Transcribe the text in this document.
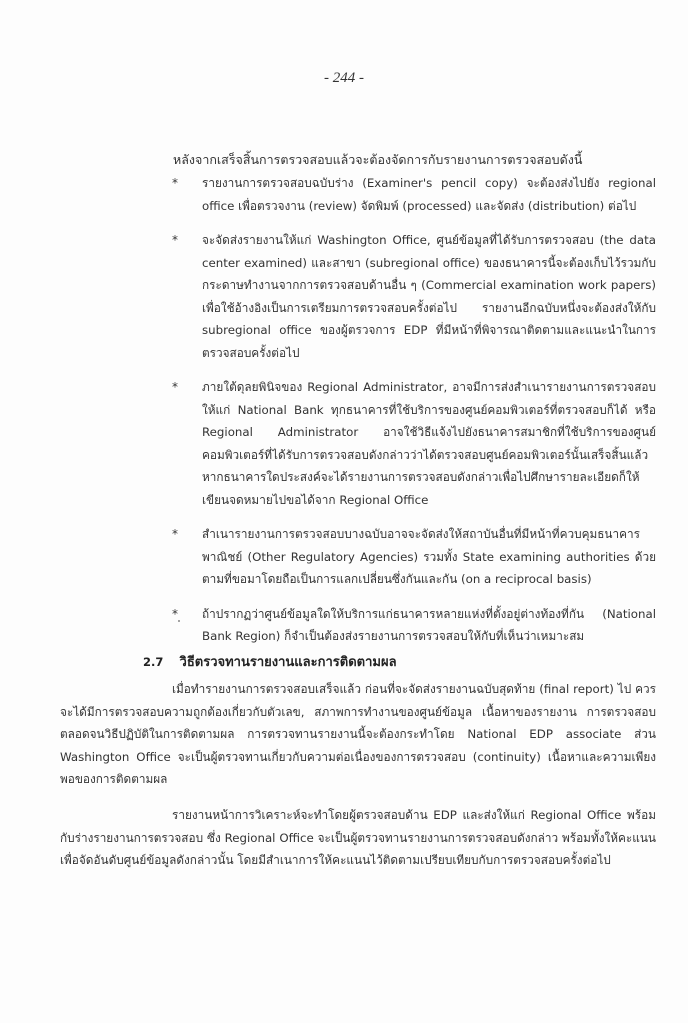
- 244 -
หลังจากเสร็จสิ้นการตรวจสอบแล้วจะต้องจัดการกับรายงานการตรวจสอบดังนี้
*	รายงานการตรวจสอบฉบับร่าง (Examiner's pencil copy) จะต้องส่งไปยัง regional office เพื่อตรวจงาน (review) จัดพิมพ์ (processed) และจัดส่ง (distribution) ต่อไป
*	จะจัดส่งรายงานให้แก่ Washington Office, ศูนย์ข้อมูลที่ได้รับการตรวจสอบ (the data center examined) และสาขา (subregional office) ของธนาคารนี้จะต้องเก็บไว้รวมกับกระดาษทำงานจากการตรวจสอบด้านอื่น ๆ (Commercial examination work papers) เพื่อใช้อ้างอิงเป็นการเตรียมการตรวจสอบครั้งต่อไป รายงานอีกฉบับหนึ่งจะต้องส่งให้กับ subregional office ของผู้ตรวจการ EDP ที่มีหน้าที่พิจารณาติดตามและแนะนำในการตรวจสอบครั้งต่อไป
*	ภายใต้ดุลยพินิจของ Regional Administrator, อาจมีการส่งสำเนารายงานการตรวจสอบให้แก่ National Bank ทุกธนาคารที่ใช้บริการของศูนย์คอมพิวเตอร์ที่ตรวจสอบก็ได้ หรือ Regional Administrator อาจใช้วิธีแจ้งไปยังธนาคารสมาชิกที่ใช้บริการของศูนย์คอมพิวเตอร์ที่ได้รับการตรวจสอบดังกล่าวว่าได้ตรวจสอบศูนย์คอมพิวเตอร์นั้นเสร็จสิ้นแล้ว หากธนาคารใดประสงค์จะได้รายงานการตรวจสอบดังกล่าวเพื่อไปศึกษารายละเอียดก็ให้เขียนจดหมายไปขอได้จาก Regional Office
*	สำเนารายงานการตรวจสอบบางฉบับอาจจะจัดส่งให้สถาบันอื่นที่มีหน้าที่ควบคุมธนาคารพาณิชย์ (Other Regulatory Agencies) รวมทั้ง State examining authorities ด้วย ตามที่ขอมาโดยถือเป็นการแลกเปลี่ยนซึ่งกันและกัน (on a reciprocal basis)
*	ถ้าปรากฏว่าศูนย์ข้อมูลใดให้บริการแก่ธนาคารหลายแห่งที่ตั้งอยู่ต่างท้องที่กัน (National Bank Region) ก็จำเป็นต้องส่งรายงานการตรวจสอบให้กับที่เห็นว่าเหมาะสม
2.7 วิธีตรวจทานรายงานและการติดตามผล
เมื่อทำรายงานการตรวจสอบเสร็จแล้ว ก่อนที่จะจัดส่งรายงานฉบับสุดท้าย (final report) ไป ควรจะได้มีการตรวจสอบความถูกต้องเกี่ยวกับตัวเลข, สภาพการทำงานของศูนย์ข้อมูล เนื้อหาของรายงาน การตรวจสอบตลอดจนวิธีปฏิบัติในการติดตามผล การตรวจทานรายงานนี้จะต้องกระทำโดย National EDP associate ส่วน Washington Office จะเป็นผู้ตรวจทานเกี่ยวกับความต่อเนื่องของการตรวจสอบ (continuity) เนื้อหาและความเพียงพอของการติดตามผล
รายงานหน้าการวิเคราะห์จะทำโดยผู้ตรวจสอบด้าน EDP และส่งให้แก่ Regional Office พร้อมกับร่างรายงานการตรวจสอบ ซึ่ง Regional Office จะเป็นผู้ตรวจทานรายงานการตรวจสอบดังกล่าว พร้อมทั้งให้คะแนนเพื่อจัดอันดับศูนย์ข้อมูลดังกล่าวนั้น โดยมีสำเนาการให้คะแนนไว้ติดตามเปรียบเทียบกับการตรวจสอบครั้งต่อไป
